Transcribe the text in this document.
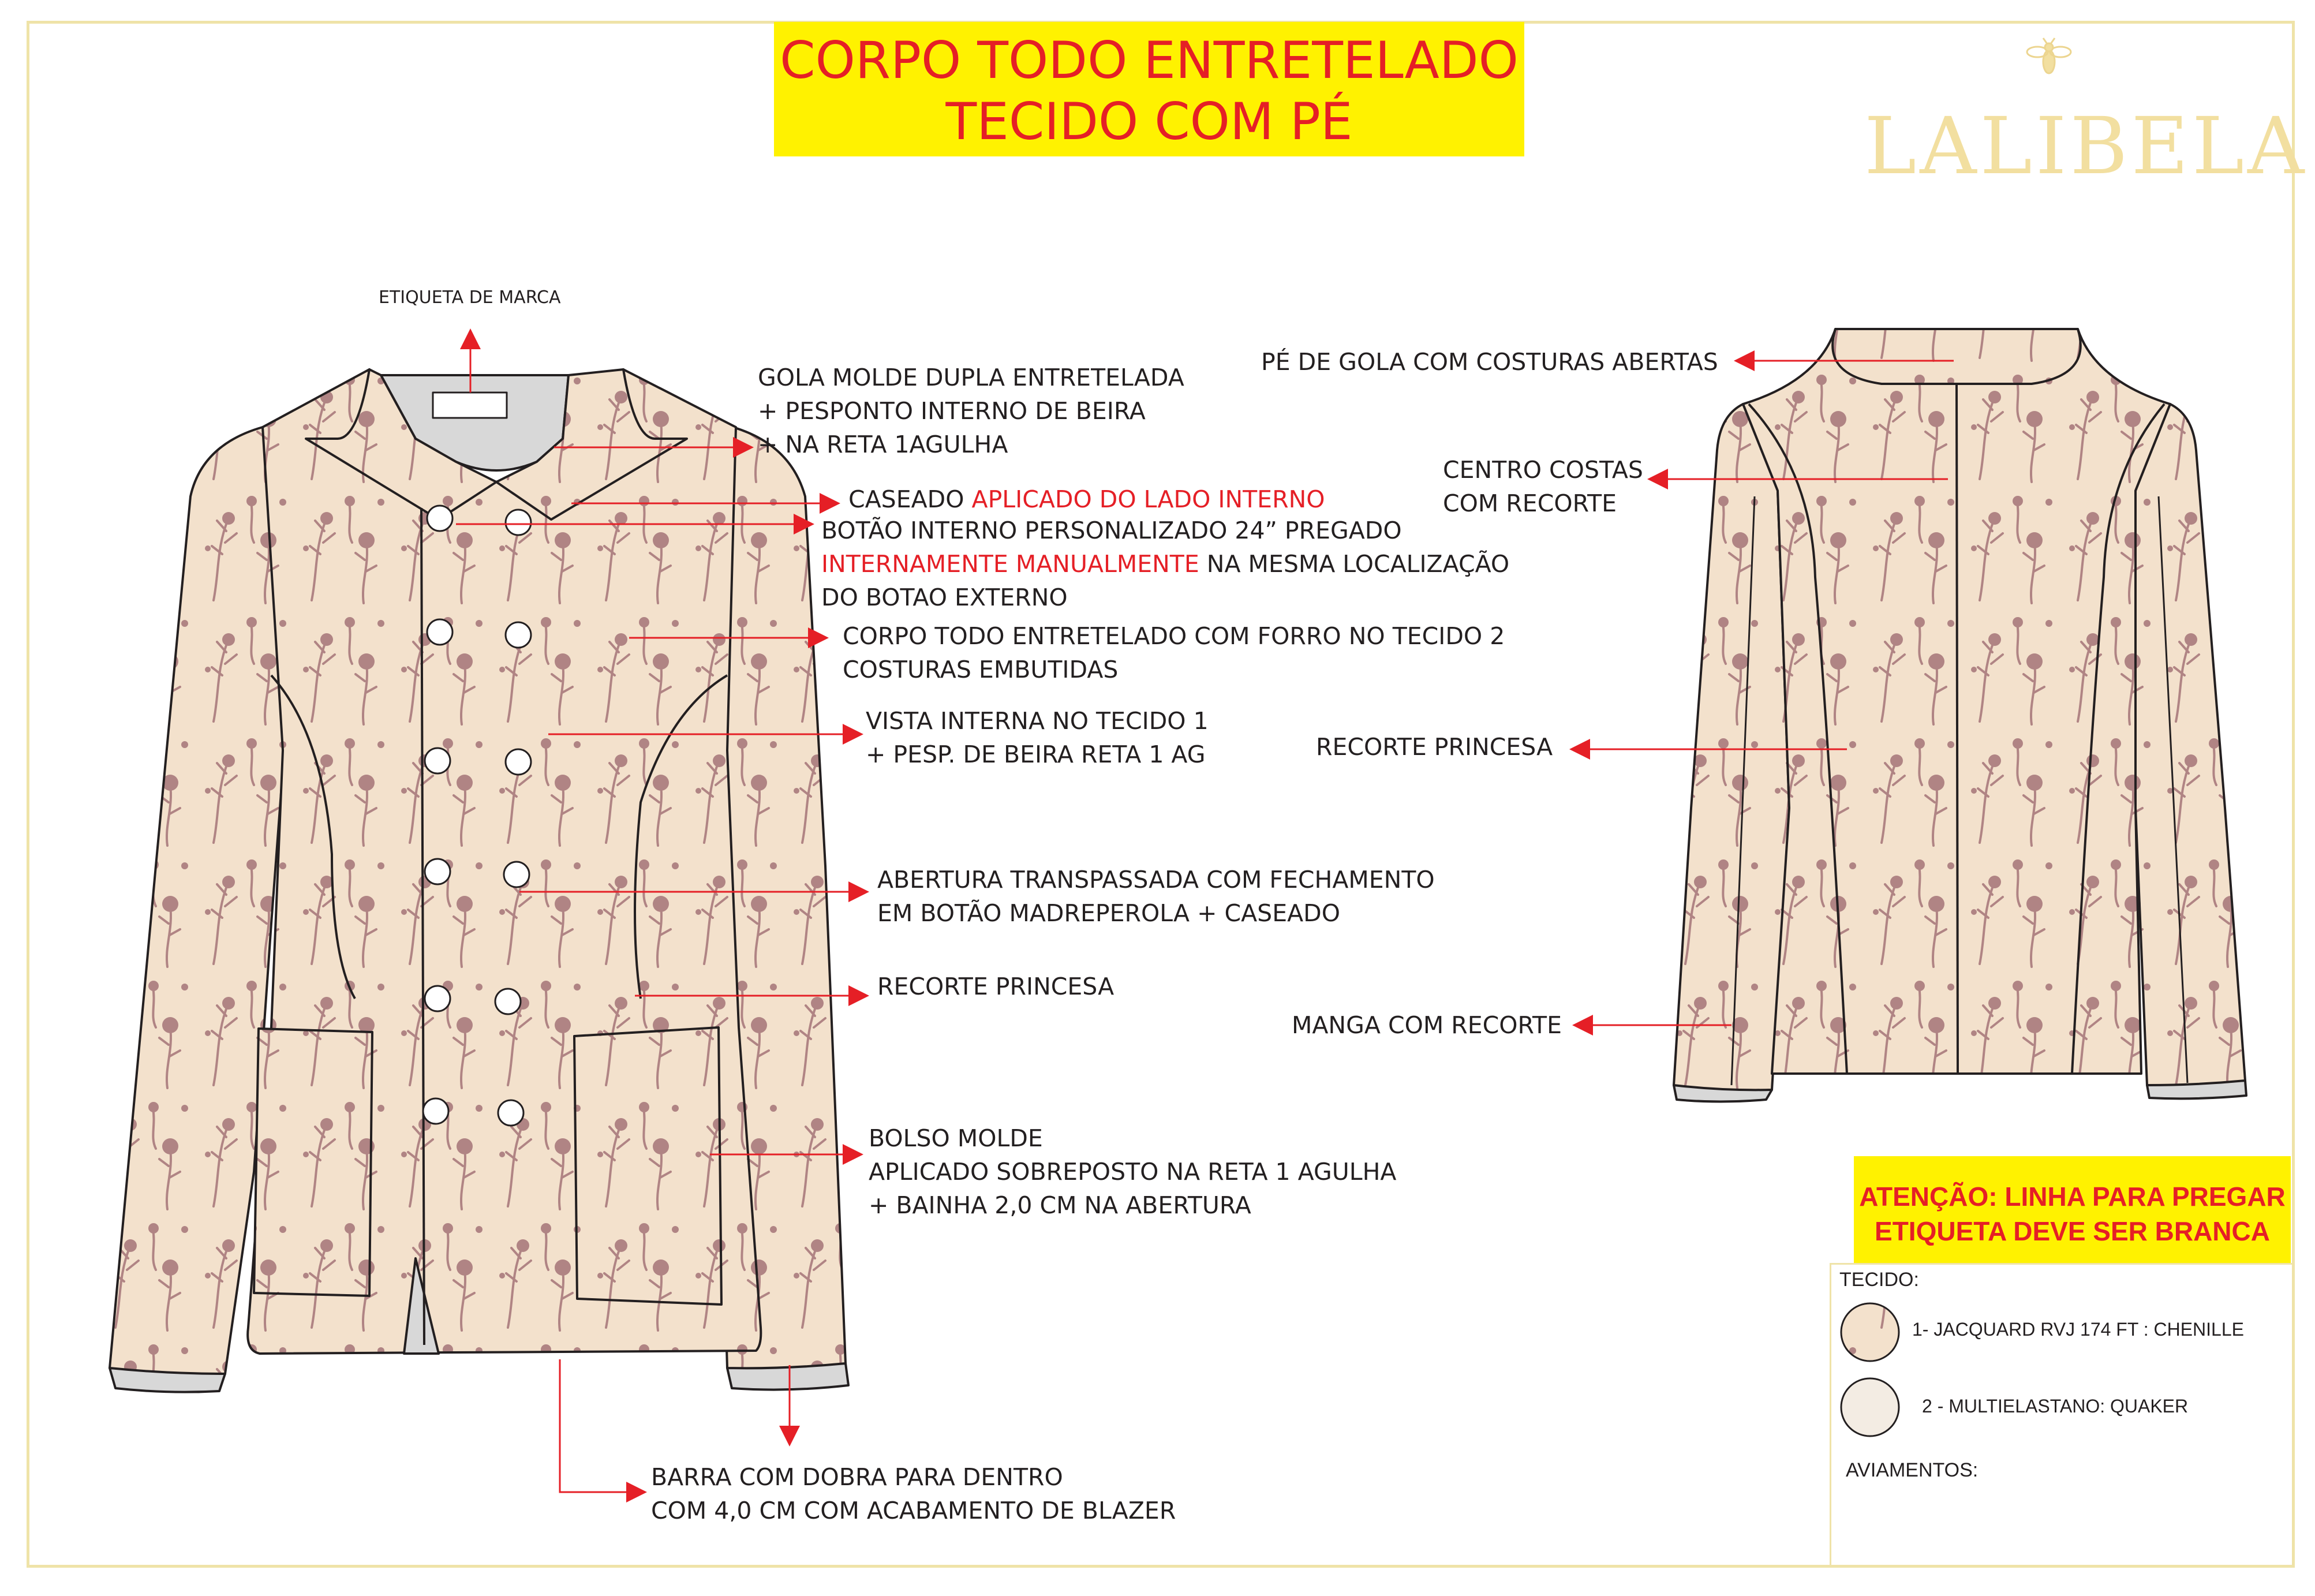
CORPO TODO ENTRETELADO
TECIDO COM PÉ	LALIBELA
ETIQUETA DE MARCA
GOLA MOLDE DUPLA ENTRETELADA
+ PESPONTO INTERNO DE BEIRA
+ NA RETA 1AGULHA
CASEADO APLICADO DO LADO INTERNO
BOTÃO INTERNO PERSONALIZADO 24” PREGADO
INTERNAMENTE MANUALMENTE NA MESMA LOCALIZAÇÃO
DO BOTAO EXTERNO
CORPO TODO ENTRETELADO COM FORRO NO TECIDO 2
COSTURAS EMBUTIDAS
VISTA INTERNA NO TECIDO 1
+ PESP. DE BEIRA RETA 1 AG
ABERTURA TRANSPASSADA COM FECHAMENTO
EM BOTÃO MADREPEROLA + CASEADO
RECORTE PRINCESA
BOLSO MOLDE
APLICADO SOBREPOSTO NA RETA 1 AGULHA
+ BAINHA 2,0 CM NA ABERTURA
BARRA COM DOBRA PARA DENTRO
COM 4,0 CM COM ACABAMENTO DE BLAZER
PÉ DE GOLA COM COSTURAS ABERTAS
CENTRO COSTAS
COM RECORTE
RECORTE PRINCESA
MANGA COM RECORTE
ATENÇÃO: LINHA PARA PREGAR
ETIQUETA DEVE SER BRANCA
TECIDO:
1- JACQUARD RVJ 174 FT : CHENILLE
2 - MULTIELASTANO: QUAKER
AVIAMENTOS:
